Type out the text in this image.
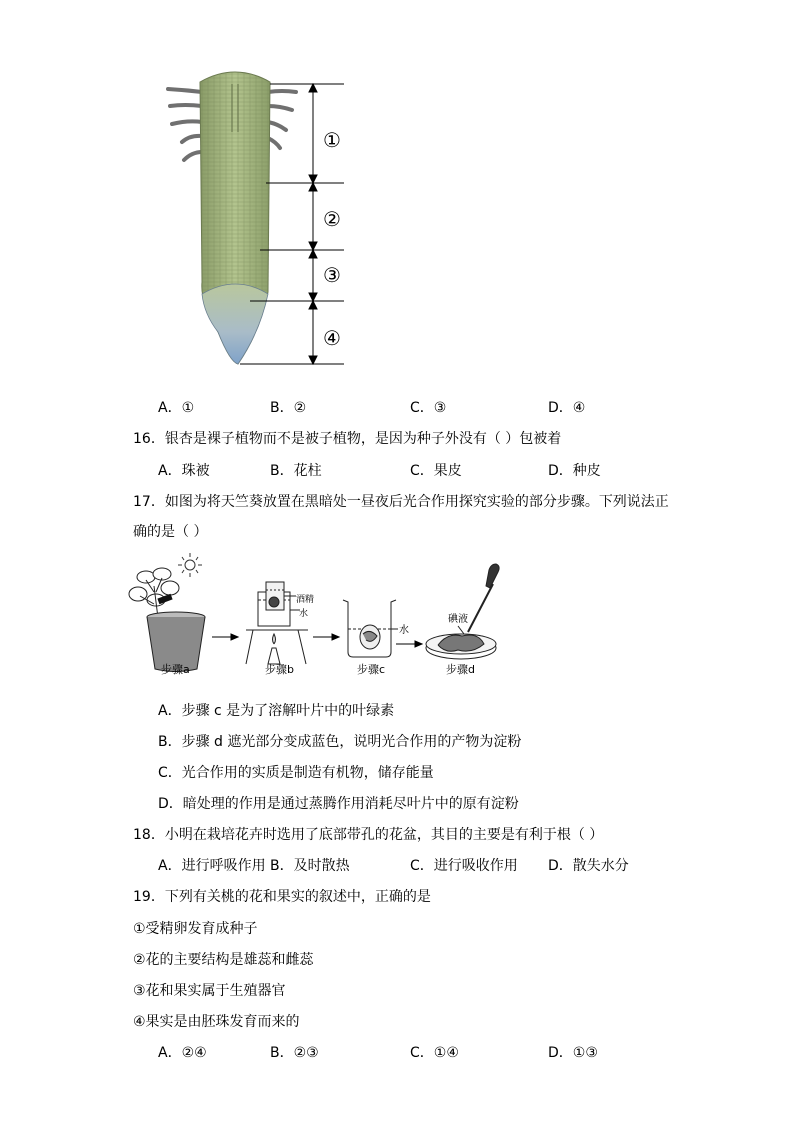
①
②
③
④
A．①	B．②	C．③	D．④
16．银杏是裸子植物而不是被子植物，是因为种子外没有（ ）包被着
A．珠被	B．花柱	C．果皮	D．种皮
17．如图为将天竺葵放置在黑暗处一昼夜后光合作用探究实验的部分步骤。下列说法正
确的是（ ）
酒精
水
水
碘液
步骤a	步骤b	步骤c	步骤d
A．步骤 c 是为了溶解叶片中的叶绿素
B．步骤 d 遮光部分变成蓝色，说明光合作用的产物为淀粉
C．光合作用的实质是制造有机物，储存能量
D．暗处理的作用是通过蒸腾作用消耗尽叶片中的原有淀粉
18．小明在栽培花卉时选用了底部带孔的花盆，其目的主要是有利于根（ ）
A．进行呼吸作用 B．及时散热	C．进行吸收作用 D．散失水分
19．下列有关桃的花和果实的叙述中，正确的是
①受精卵发育成种子
②花的主要结构是雄蕊和雌蕊
③花和果实属于生殖器官
④果实是由胚珠发育而来的
A．②④	B．②③	C．①④	D．①③
